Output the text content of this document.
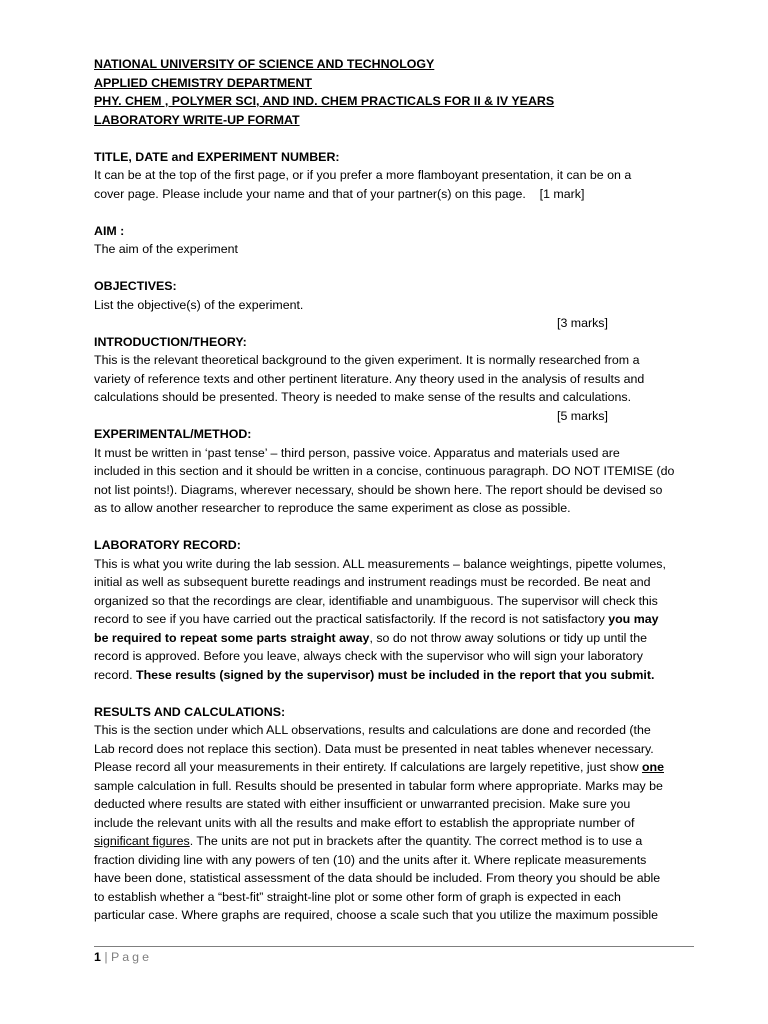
NATIONAL UNIVERSITY OF SCIENCE AND TECHNOLOGY
APPLIED CHEMISTRY DEPARTMENT
PHY. CHEM , POLYMER SCI, AND IND. CHEM PRACTICALS FOR II & IV YEARS
LABORATORY WRITE-UP FORMAT
TITLE, DATE and EXPERIMENT NUMBER:
It can be at the top of the first page, or if you prefer a more flamboyant presentation, it can be on a
cover page. Please include your name and that of your partner(s) on this page.    [1 mark]
AIM :
The aim of the experiment
OBJECTIVES:
List the objective(s) of the experiment.
[3 marks]
INTRODUCTION/THEORY:
This is the relevant theoretical background to the given experiment. It is normally researched from a
variety of reference texts and other pertinent literature. Any theory used in the analysis of results and
calculations should be presented. Theory is needed to make sense of the results and calculations.
[5 marks]
EXPERIMENTAL/METHOD:
It must be written in ‘past tense’ – third person, passive voice. Apparatus and materials used are
included in this section and it should be written in a concise, continuous paragraph. DO NOT ITEMISE (do
not list points!). Diagrams, wherever necessary, should be shown here. The report should be devised so
as to allow another researcher to reproduce the same experiment as close as possible.
LABORATORY RECORD:
This is what you write during the lab session. ALL measurements – balance weightings, pipette volumes,
initial as well as subsequent burette readings and instrument readings must be recorded. Be neat and
organized so that the recordings are clear, identifiable and unambiguous. The supervisor will check this
record to see if you have carried out the practical satisfactorily. If the record is not satisfactory you may
be required to repeat some parts straight away, so do not throw away solutions or tidy up until the
record is approved. Before you leave, always check with the supervisor who will sign your laboratory
record. These results (signed by the supervisor) must be included in the report that you submit.
RESULTS AND CALCULATIONS:
This is the section under which ALL observations, results and calculations are done and recorded (the
Lab record does not replace this section). Data must be presented in neat tables whenever necessary.
Please record all your measurements in their entirety. If calculations are largely repetitive, just show one
sample calculation in full. Results should be presented in tabular form where appropriate. Marks may be
deducted where results are stated with either insufficient or unwarranted precision. Make sure you
include the relevant units with all the results and make effort to establish the appropriate number of
significant figures. The units are not put in brackets after the quantity. The correct method is to use a
fraction dividing line with any powers of ten (10) and the units after it. Where replicate measurements
have been done, statistical assessment of the data should be included. From theory you should be able
to establish whether a “best-fit” straight-line plot or some other form of graph is expected in each
particular case. Where graphs are required, choose a scale such that you utilize the maximum possible
1 | Page
